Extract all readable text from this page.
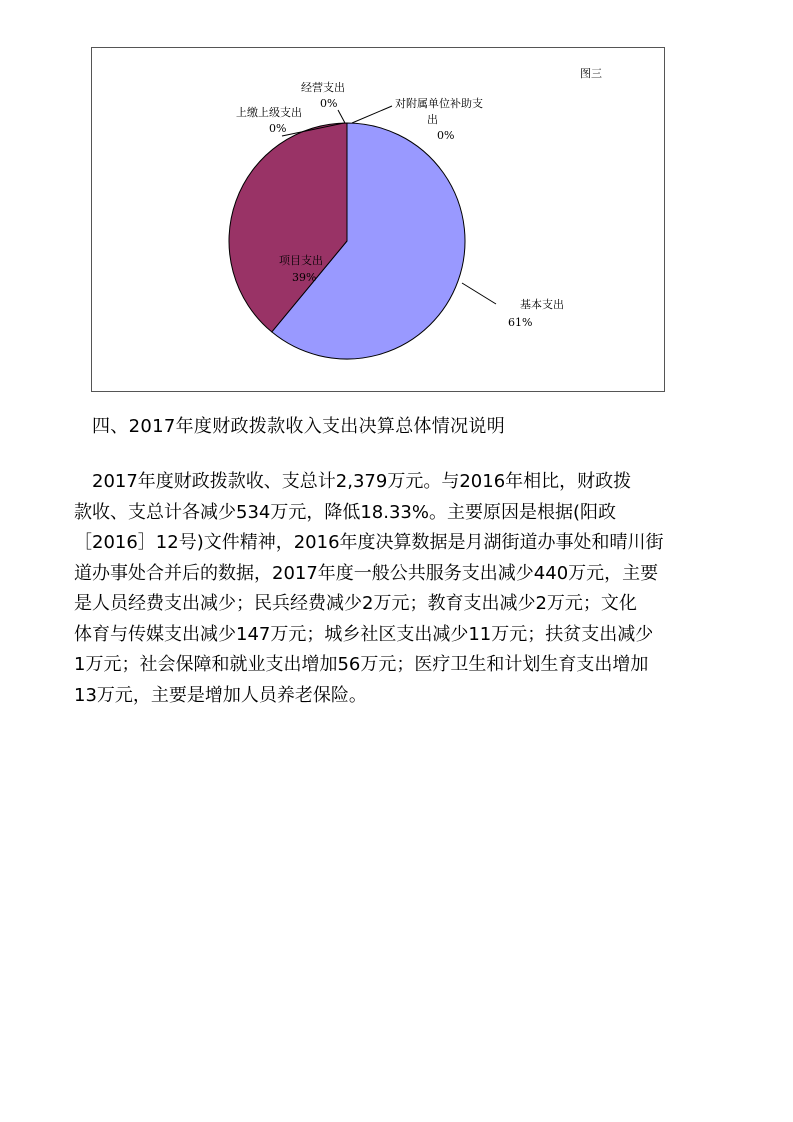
图三
基本支出
61%
项目支出
39%
上缴上级支出
0%
经营支出
0%	对附属单位补助支
出
0%
四、2017年度财政拨款收入支出决算总体情况说明

2017年度财政拨款收、支总计2,379万元。与2016年相比，财政拨
款收、支总计各减少534万元，降低18.33%。主要原因是根据(阳政
［2016］12号)文件精神，2016年度决算数据是月湖街道办事处和晴川街
道办事处合并后的数据，2017年度一般公共服务支出减少440万元，主要
是人员经费支出减少；民兵经费减少2万元；教育支出减少2万元；文化
体育与传媒支出减少147万元；城乡社区支出减少11万元；扶贫支出减少
1万元；社会保障和就业支出增加56万元；医疗卫生和计划生育支出增加
13万元，主要是增加人员养老保险。
